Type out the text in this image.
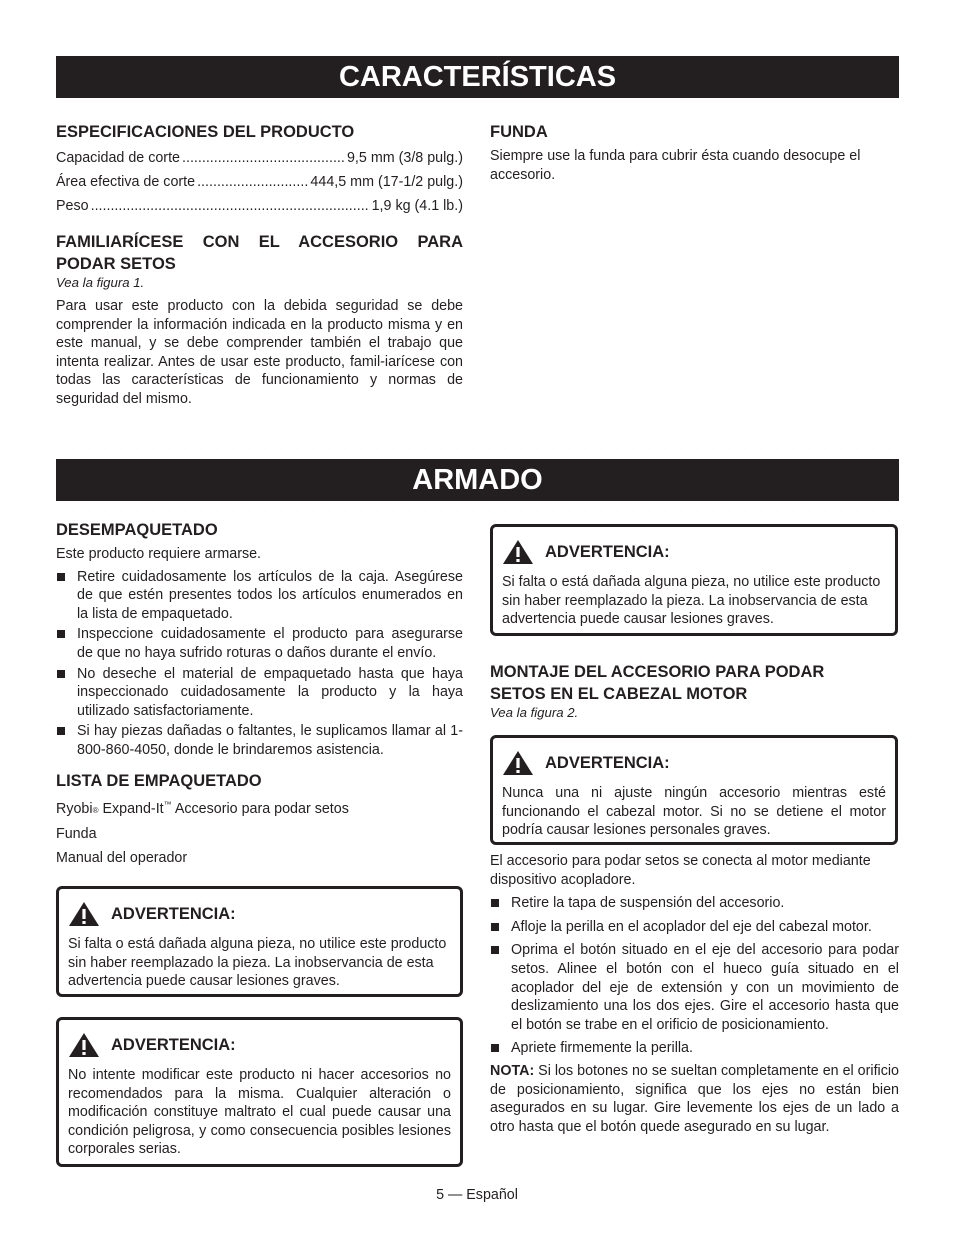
CARACTERÍSTICAS
ESPECIFICACIONES DEL PRODUCTO
Capacidad de corte .....	9,5 mm (3/8 pulg.)
Área efectiva de corte .....	444,5 mm (17-1/2 pulg.)
Peso .....	1,9 kg (4.1 lb.)
FAMILIARÍCESE CON EL ACCESORIO PARA
PODAR SETOS
Vea la figura 1.

Para usar este producto con la debida seguridad se debe comprender la información indicada en la producto misma y en este manual, y se debe comprender también el trabajo que intenta realizar. Antes de usar este producto, famil-iarícese con todas las características de funcionamiento y normas de seguridad del mismo.

FUNDA

Siempre use la funda para cubrir ésta cuando desocupe el accesorio.

ARMADO
DESEMPAQUETADO

Este producto requiere armarse.

Retire cuidadosamente los artículos de la caja. Asegúrese de que estén presentes todos los artículos enumerados en la lista de empaquetado.
Inspeccione cuidadosamente el producto para asegurarse de que no haya sufrido roturas o daños durante el envío.
No deseche el material de empaquetado hasta que haya inspeccionado cuidadosamente la producto y la haya utilizado satisfactoriamente.
Si hay piezas dañadas o faltantes, le suplicamos llamar al 1-800-860-4050, donde le brindaremos asistencia.
LISTA DE EMPAQUETADO
Ryobi® Expand-It™ Accesorio para podar setos
Funda
Manual del operador
ADVERTENCIA:

Si falta o está dañada alguna pieza, no utilice este producto sin haber reemplazado la pieza. La inobservancia de esta advertencia puede causar lesiones graves.

ADVERTENCIA:

No intente modificar este producto ni hacer accesorios no recomendados para la misma. Cualquier alteración o modificación constituye maltrato el cual puede causar una condición peligrosa, y como consecuencia posibles lesiones corporales serias.

ADVERTENCIA:

Si falta o está dañada alguna pieza, no utilice este producto sin haber reemplazado la pieza. La inobservancia de esta advertencia puede causar lesiones graves.

MONTAJE DEL ACCESORIO PARA PODAR
SETOS EN EL CABEZAL MOTOR
Vea la figura 2.
ADVERTENCIA:

Nunca una ni ajuste ningún accesorio mientras esté funcionando el cabezal motor. Si no se detiene el motor podría causar lesiones personales graves.

El accesorio para podar setos se conecta al motor mediante dispositivo acopladore.

Retire la tapa de suspensión del accesorio.
Afloje la perilla en el acoplador del eje del cabezal motor.
Oprima el botón situado en el eje del accesorio para podar setos. Alinee el botón con el hueco guía situado en el acoplador del eje de extensión y con un movimiento de deslizamiento una los dos ejes. Gire el accesorio hasta que el botón se trabe en el orificio de posicionamiento.
Apriete firmemente la perilla.

NOTA: Si los botones no se sueltan completamente en el orificio de posicionamiento, significa que los ejes no están bien asegurados en su lugar. Gire levemente los ejes de un lado a otro hasta que el botón quede asegurado en su lugar.

5 — Español
